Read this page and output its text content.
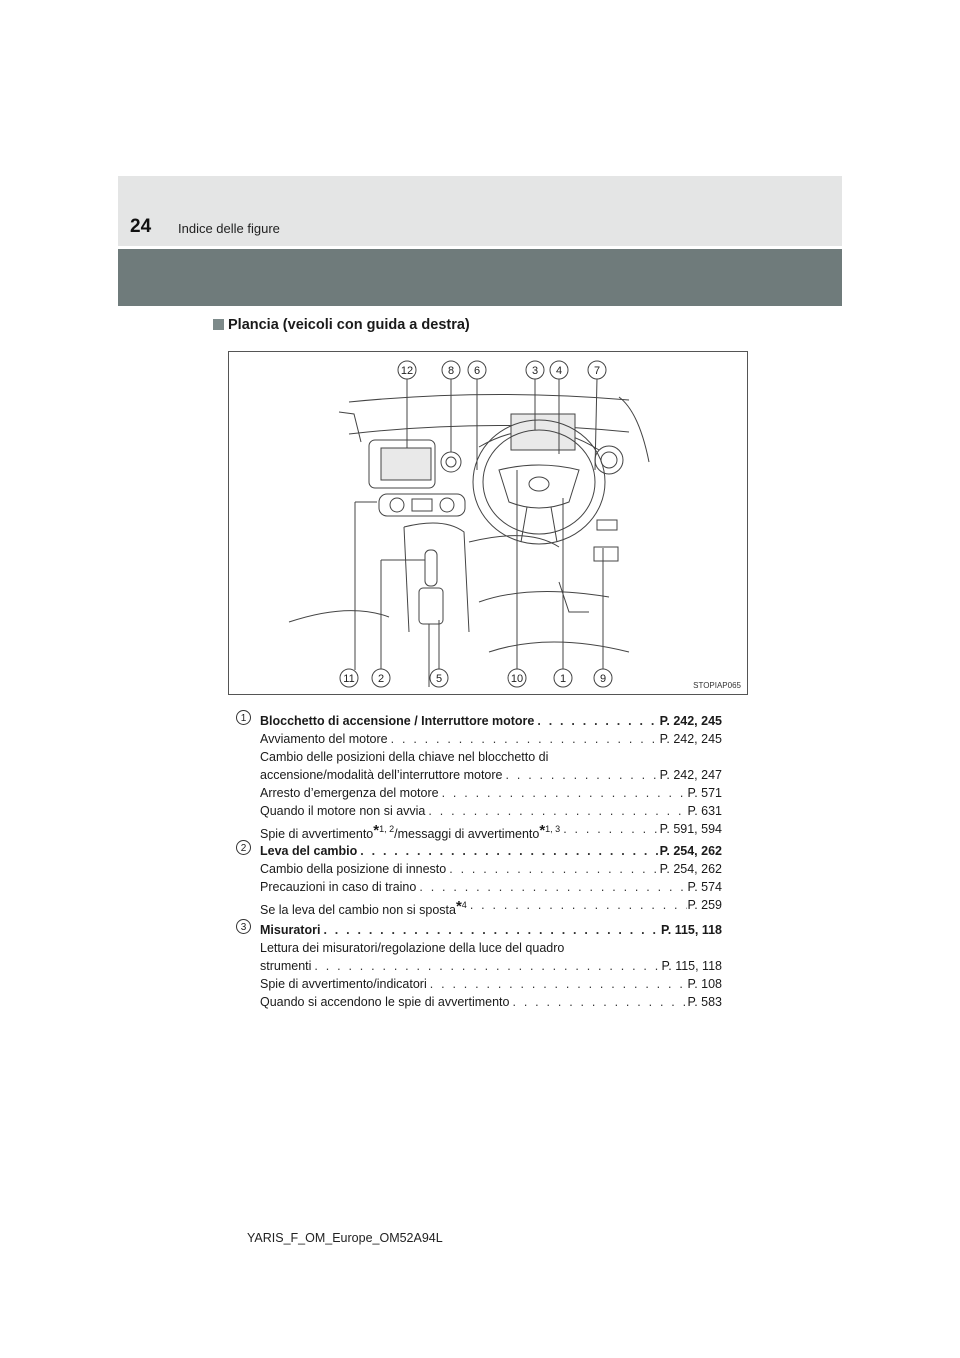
24 Indice delle figure
Plancia (veicoli con guida a destra)
12	8 6	3 4	7
11 2	5	10	1	9
STOPIAP065
1	Blocchetto di accensione / Interruttore motore . . .	P. 242, 245
Avviamento del motore . . .	P. 242, 245
Cambio delle posizioni della chiave nel blocchetto di
accensione/modalità dell’interruttore motore . . .	P. 242, 247
Arresto d’emergenza del motore . . .	P. 571
Quando il motore non si avvia . . .	P. 631
Spie di avvertimento$^{*1, 2}$/messaggi di avvertimento$^{*1, 3}$ . . .	P. 591, 594
2	Leva del cambio . . .	P. 254, 262
Cambio della posizione di innesto . . .	P. 254, 262
Precauzioni in caso di traino . . .	P. 574
Se la leva del cambio non si sposta$^{*4}$ . . .	P. 259
3	Misuratori . . .	P. 115, 118
Lettura dei misuratori/regolazione della luce del quadro
strumenti . . .	P. 115, 118
Spie di avvertimento/indicatori . . .	P. 108
Quando si accendono le spie di avvertimento . . .	P. 583
YARIS_F_OM_Europe_OM52A94L
